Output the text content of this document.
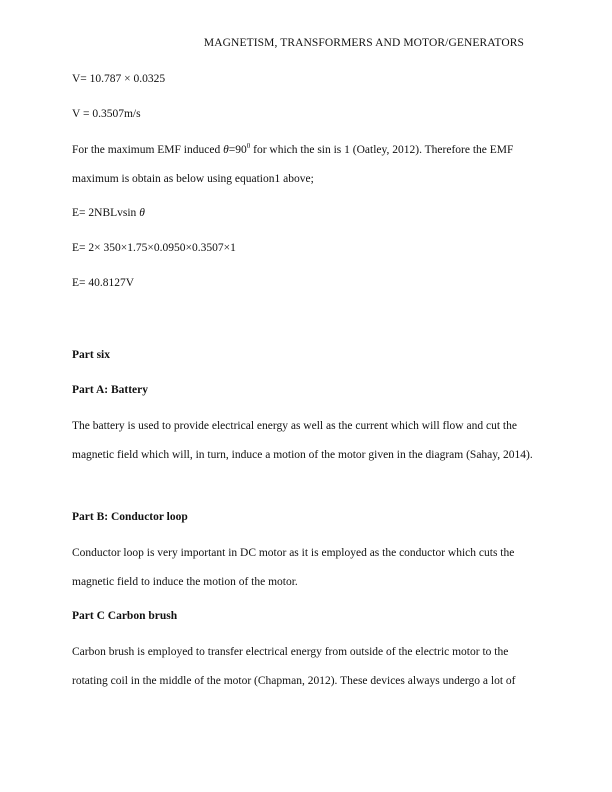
MAGNETISM, TRANSFORMERS AND MOTOR/GENERATORS
V= 10.787 × 0.0325
V = 0.3507m/s
For the maximum EMF induced $\theta=90^0$ for which the sin is 1 (Oatley, 2012). Therefore the EMF maximum is obtain as below using equation1 above;
E= 2NBLvsin θ
E= 2× 350×1.75×0.0950×0.3507×1
E= 40.8127V
Part six
Part A: Battery
The battery is used to provide electrical energy as well as the current which will flow and cut the magnetic field which will, in turn, induce a motion of the motor given in the diagram (Sahay, 2014).
Part B: Conductor loop
Conductor loop is very important in DC motor as it is employed as the conductor which cuts the magnetic field to induce the motion of the motor.
Part C Carbon brush
Carbon brush is employed to transfer electrical energy from outside of the electric motor to the rotating coil in the middle of the motor (Chapman, 2012). These devices always undergo a lot of
